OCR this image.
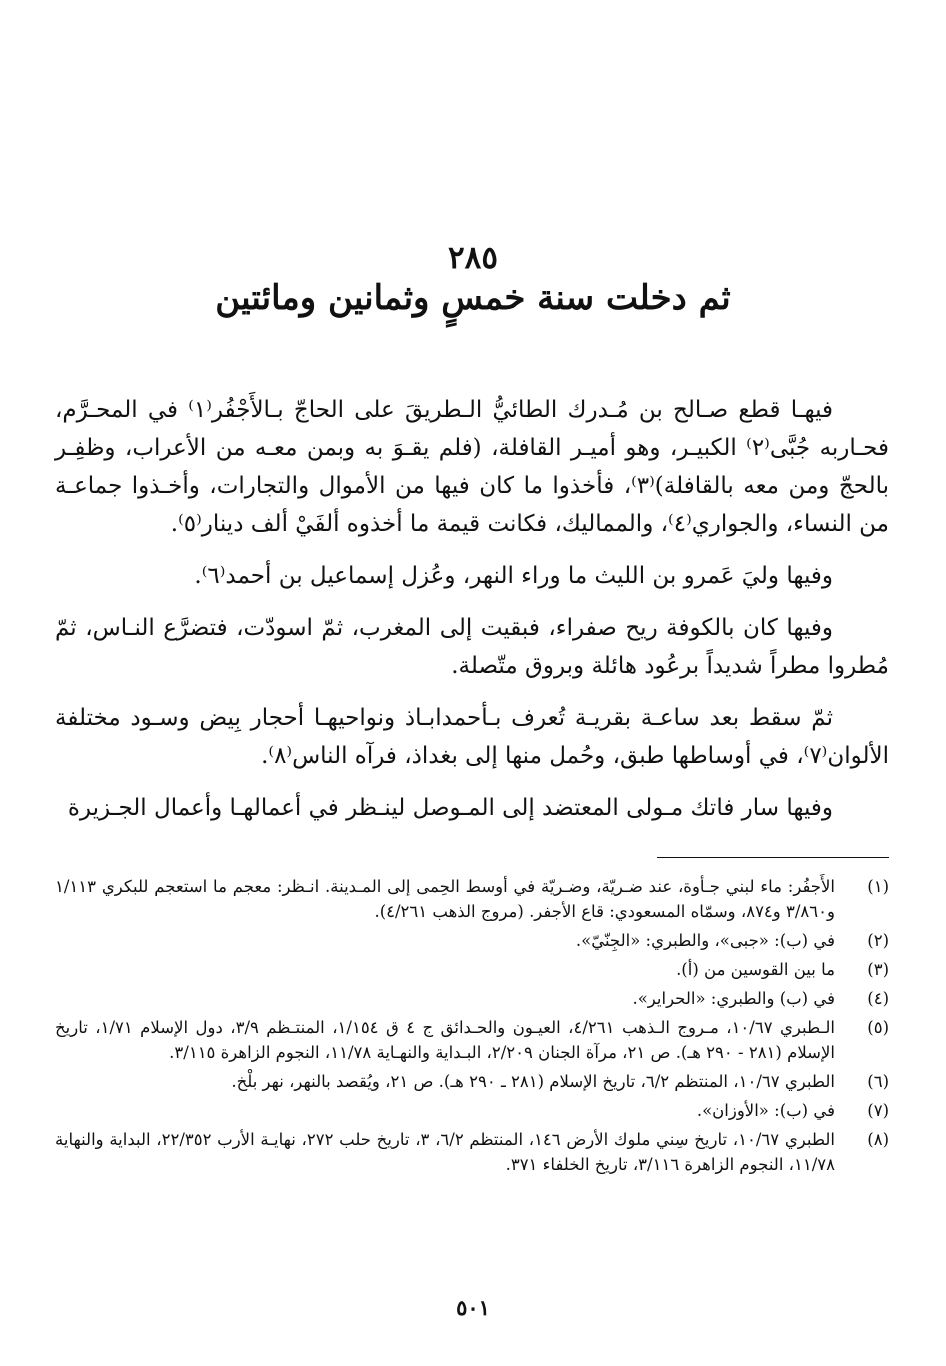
٢٨٥
ثم دخلت سنة خمسٍ وثمانين ومائتين

فيهـا قطع صـالح بن مُـدرك الطائيُّ الـطريقَ على الحاجّ بـالأَجْفُر⁽١⁾ في المحـرَّم، فحـاربه جُبَّى⁽٢⁾ الكبيـر، وهو أميـر القافلة، (فلم يقـوَ به وبمن معـه من الأعراب، وظفِـر بالحجّ ومن معه بالقافلة)⁽٣⁾، فأخذوا ما كان فيها من الأموال والتجارات، وأخـذوا جماعـة من النساء، والجواري⁽٤⁾، والمماليك، فكانت قيمة ما أخذوه ألفَيْ ألف دينار⁽٥⁾.

وفيها وليَ عَمرو بن الليث ما وراء النهر، وعُزل إسماعيل بن أحمد⁽٦⁾.

وفيها كان بالكوفة ريح صفراء، فبقيت إلى المغرب، ثمّ اسودّت، فتضرَّع النـاس، ثمّ مُطروا مطراً شديداً برعُود هائلة وبروق متّصلة.

ثمّ سقط بعد ساعـة بقريـة تُعرف بـأحمدابـاذ ونواحيهـا أحجار بِيض وسـود مختلفة الألوان⁽٧⁾، في أوساطها طبق، وحُمل منها إلى بغداذ، فرآه الناس⁽٨⁾.

وفيها سار فاتك مـولى المعتضد إلى المـوصل لينـظر في أعمالهـا وأعمال الجـزيرة

(١)
الأَجفُر: ماء لبني جـأوة، عند ضـريّة، وضـريّة في أوسط الحِمى إلى المـدينة. انـظر: معجم ما استعجم للبكري ١/١١٣ و٣/٨٦٠ و٨٧٤، وسمّاه المسعودي: قاع الأجفر. (مروج الذهب ٤/٢٦١).
(٢)
في (ب): «جبى»، والطبري: «الجِنّيّ».
(٣)
ما بين القوسين من (أ).
(٤)
في (ب) والطبري: «الحراير».
(٥)
الـطبري ١٠/٦٧، مـروج الـذهب ٤/٢٦١، العيـون والحـدائق ج ٤ ق ١/١٥٤، المنتـظم ٣/٩، دول الإسلام ١/٧١، تاريخ الإسلام (٢٨١ - ٢٩٠ هـ). ص ٢١، مرآة الجنان ٢/٢٠٩، البـداية والنهـاية ١١/٧٨، النجوم الزاهرة ٣/١١٥.
(٦)
الطبري ١٠/٦٧، المنتظم ٦/٢، تاريخ الإسلام (٢٨١ ـ ٢٩٠ هـ). ص ٢١، ويُقصد بالنهر، نهر بلْخ.
(٧)
في (ب): «الأوزان».
(٨)
الطبري ١٠/٦٧، تاريخ سِني ملوك الأرض ١٤٦، المنتظم ٦/٢، ٣، تاريخ حلب ٢٧٢، نهايـة الأرب ٢٢/٣٥٢، البداية والنهاية ١١/٧٨، النجوم الزاهرة ٣/١١٦، تاريخ الخلفاء ٣٧١.
٥٠١
